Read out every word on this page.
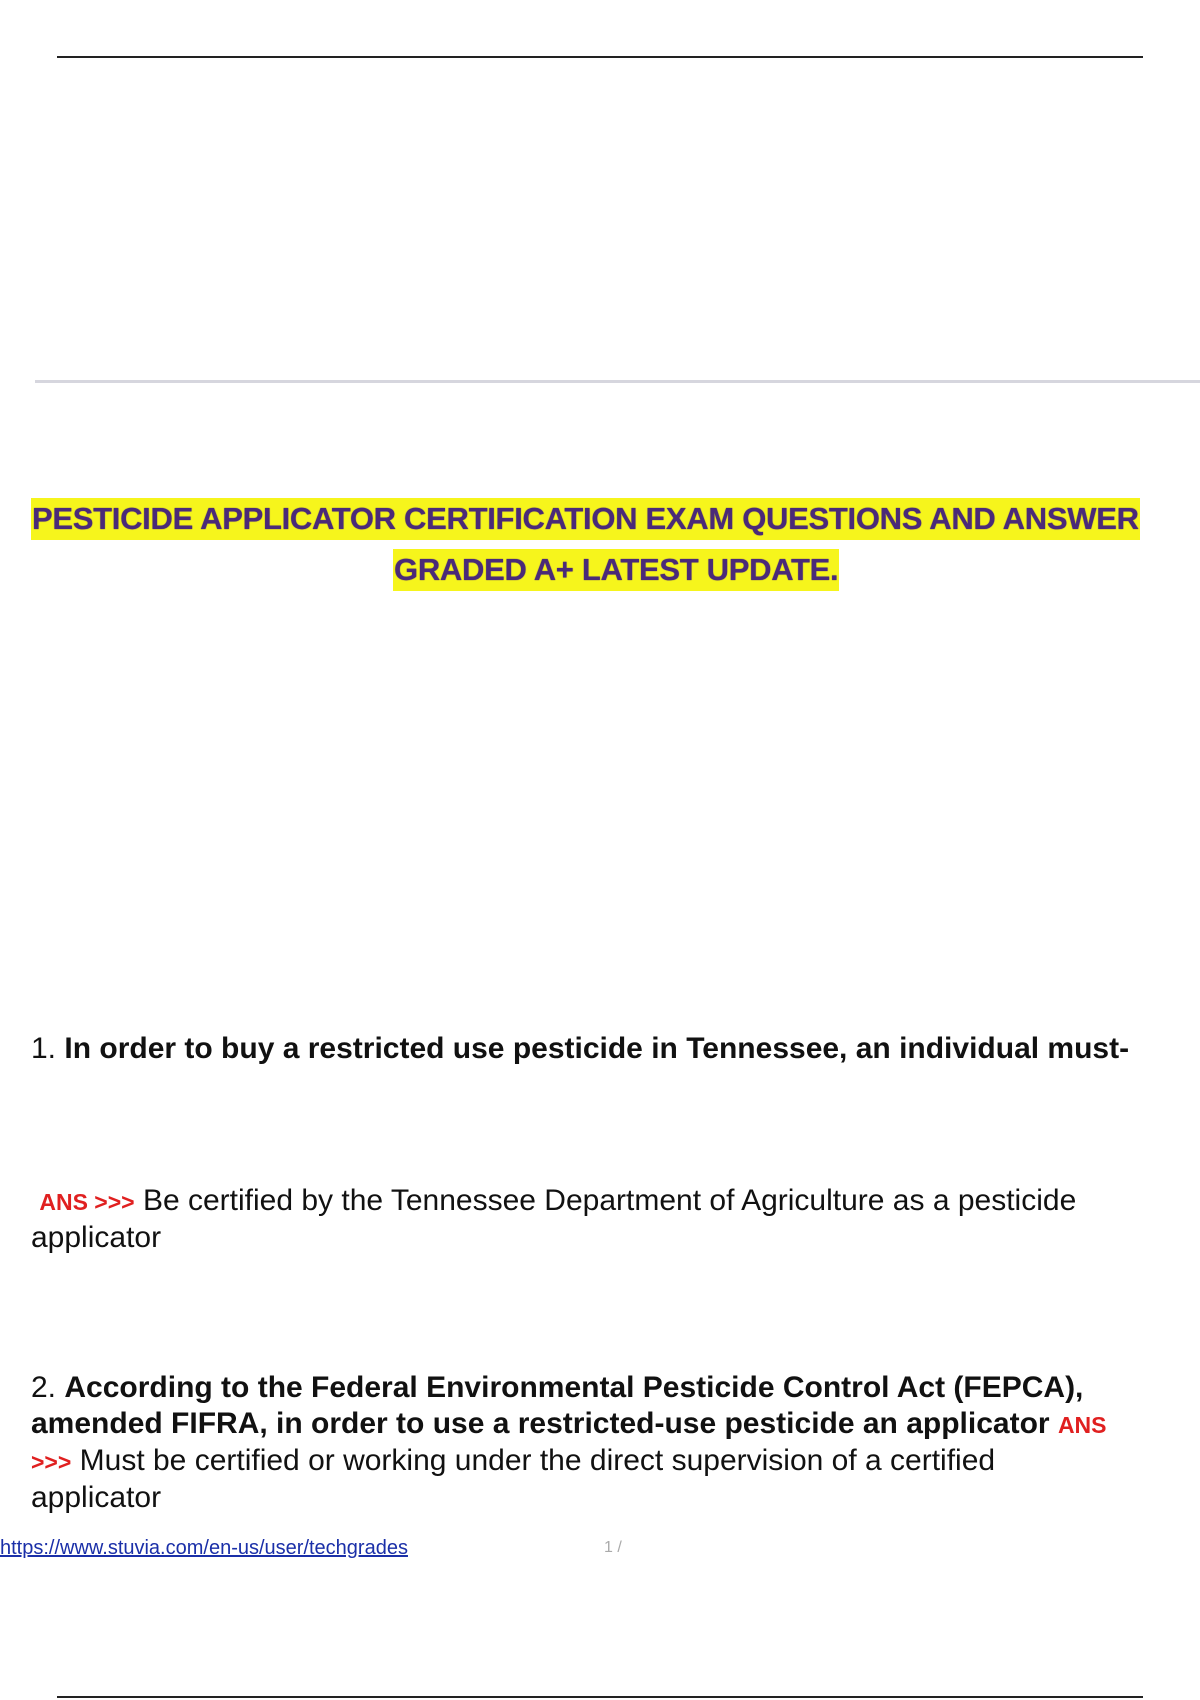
PESTICIDE APPLICATOR CERTIFICATION EXAM QUESTIONS AND ANSWER
GRADED A+ LATEST UPDATE.
1. In order to buy a restricted use pesticide in Tennessee, an individual must-
ANS >>> Be certified by the Tennessee Department of Agriculture as a pesticide
applicator
2. According to the Federal Environmental Pesticide Control Act (FEPCA),
amended FIFRA, in order to use a restricted-use pesticide an applicator ANS
>>> Must be certified or working under the direct supervision of a certified
applicator
https://www.stuvia.com/en-us/user/techgrades	1 /
